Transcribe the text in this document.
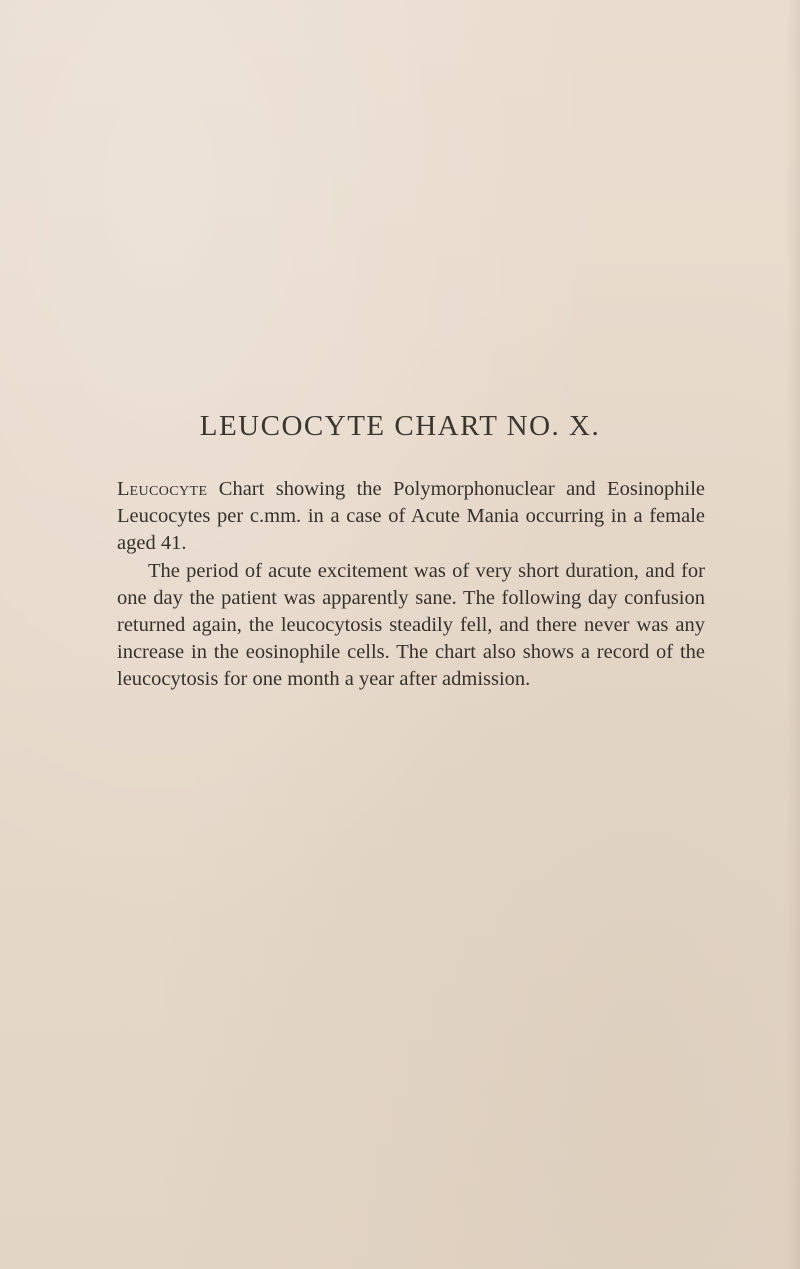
LEUCOCYTE CHART NO. X.

Leucocyte Chart showing the Polymorphonuclear and Eosinophile Leucocytes per c.mm. in a case of Acute Mania occurring in a female aged 41.

The period of acute excitement was of very short duration, and for one day the patient was apparently sane. The following day confusion returned again, the leucocytosis steadily fell, and there never was any increase in the eosinophile cells. The chart also shows a record of the leucocytosis for one month a year after admission.
